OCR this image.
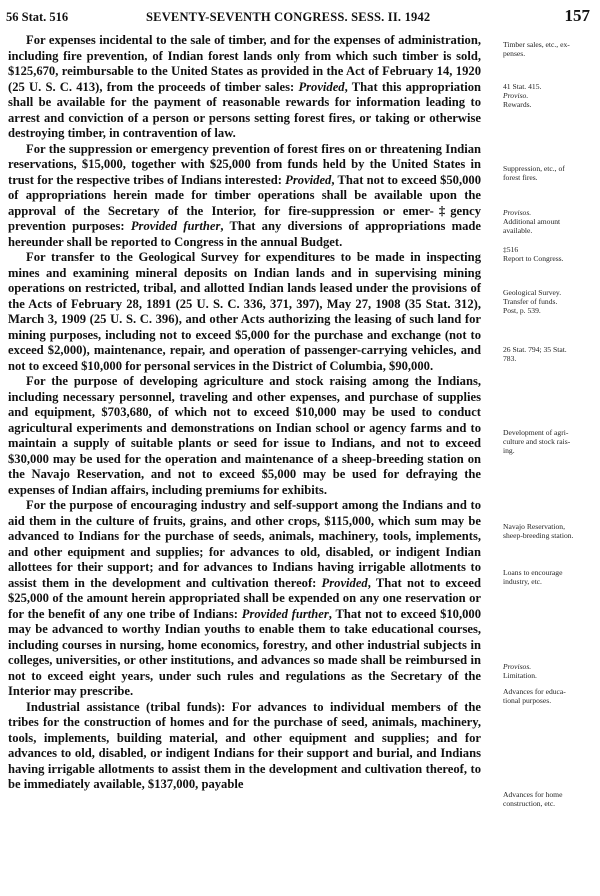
56 Stat. 516	SEVENTY-SEVENTH CONGRESS. SESS. II. 1942	157

For expenses incidental to the sale of timber, and for the expenses of administration, including fire prevention, of Indian forest lands only from which such timber is sold, $125,670, reimbursable to the United States as provided in the Act of February 14, 1920 (25 U. S. C. 413), from the proceeds of timber sales: Provided, That this appropriation shall be available for the payment of reasonable rewards for information leading to arrest and conviction of a person or persons setting forest fires, or taking or otherwise destroying timber, in contravention of law.

For the suppression or emergency prevention of forest fires on or threatening Indian reservations, $15,000, together with $25,000 from funds held by the United States in trust for the respective tribes of Indians interested: Provided, That not to exceed $50,000 of appropriations herein made for timber operations shall be available upon the approval of the Secretary of the Interior, for fire-suppression or emer-‡gency prevention purposes: Provided further, That any diversions of appropriations made hereunder shall be reported to Congress in the annual Budget.

For transfer to the Geological Survey for expenditures to be made in inspecting mines and examining mineral deposits on Indian lands and in supervising mining operations on restricted, tribal, and allotted Indian lands leased under the provisions of the Acts of February 28, 1891 (25 U. S. C. 336, 371, 397), May 27, 1908 (35 Stat. 312), March 3, 1909 (25 U. S. C. 396), and other Acts authorizing the leasing of such land for mining purposes, including not to exceed $5,000 for the purchase and exchange (not to exceed $2,000), maintenance, repair, and operation of passenger-carrying vehicles, and not to exceed $10,000 for personal services in the District of Columbia, $90,000.

For the purpose of developing agriculture and stock raising among the Indians, including necessary personnel, traveling and other expenses, and purchase of supplies and equipment, $703,680, of which not to exceed $10,000 may be used to conduct agricultural experiments and demonstrations on Indian school or agency farms and to maintain a supply of suitable plants or seed for issue to Indians, and not to exceed $30,000 may be used for the operation and maintenance of a sheep-breeding station on the Navajo Reservation, and not to exceed $5,000 may be used for defraying the expenses of Indian affairs, including premiums for exhibits.

For the purpose of encouraging industry and self-support among the Indians and to aid them in the culture of fruits, grains, and other crops, $115,000, which sum may be advanced to Indians for the purchase of seeds, animals, machinery, tools, implements, and other equipment and supplies; for advances to old, disabled, or indigent Indian allottees for their support; and for advances to Indians having irrigable allotments to assist them in the development and cultivation thereof: Provided, That not to exceed $25,000 of the amount herein appropriated shall be expended on any one reservation or for the benefit of any one tribe of Indians: Provided further, That not to exceed $10,000 may be advanced to worthy Indian youths to enable them to take educational courses, including courses in nursing, home economics, forestry, and other industrial subjects in colleges, universities, or other institutions, and advances so made shall be reimbursed in not to exceed eight years, under such rules and regulations as the Secretary of the Interior may prescribe.

Industrial assistance (tribal funds): For advances to individual members of the tribes for the construction of homes and for the purchase of seed, animals, machinery, tools, implements, building material, and other equipment and supplies; and for advances to old, disabled, or indigent Indians for their support and burial, and Indians having irrigable allotments to assist them in the development and cultivation thereof, to be immediately available, $137,000, payable

Timber sales, etc., ex-
penses.
41 Stat. 415.
Proviso.
Rewards.
Suppression, etc., of
forest fires.
Provisos.
Additional amount
available.
‡516
Report to Congress.
Geological Survey.
Transfer of funds.
Post, p. 539.
26 Stat. 794; 35 Stat.
783.
Development of agri-
culture and stock rais-
ing.
Navajo Reservation,
sheep-breeding station.
Loans to encourage
industry, etc.
Provisos.
Limitation.
Advances for educa-
tional purposes.
Advances for home
construction, etc.
